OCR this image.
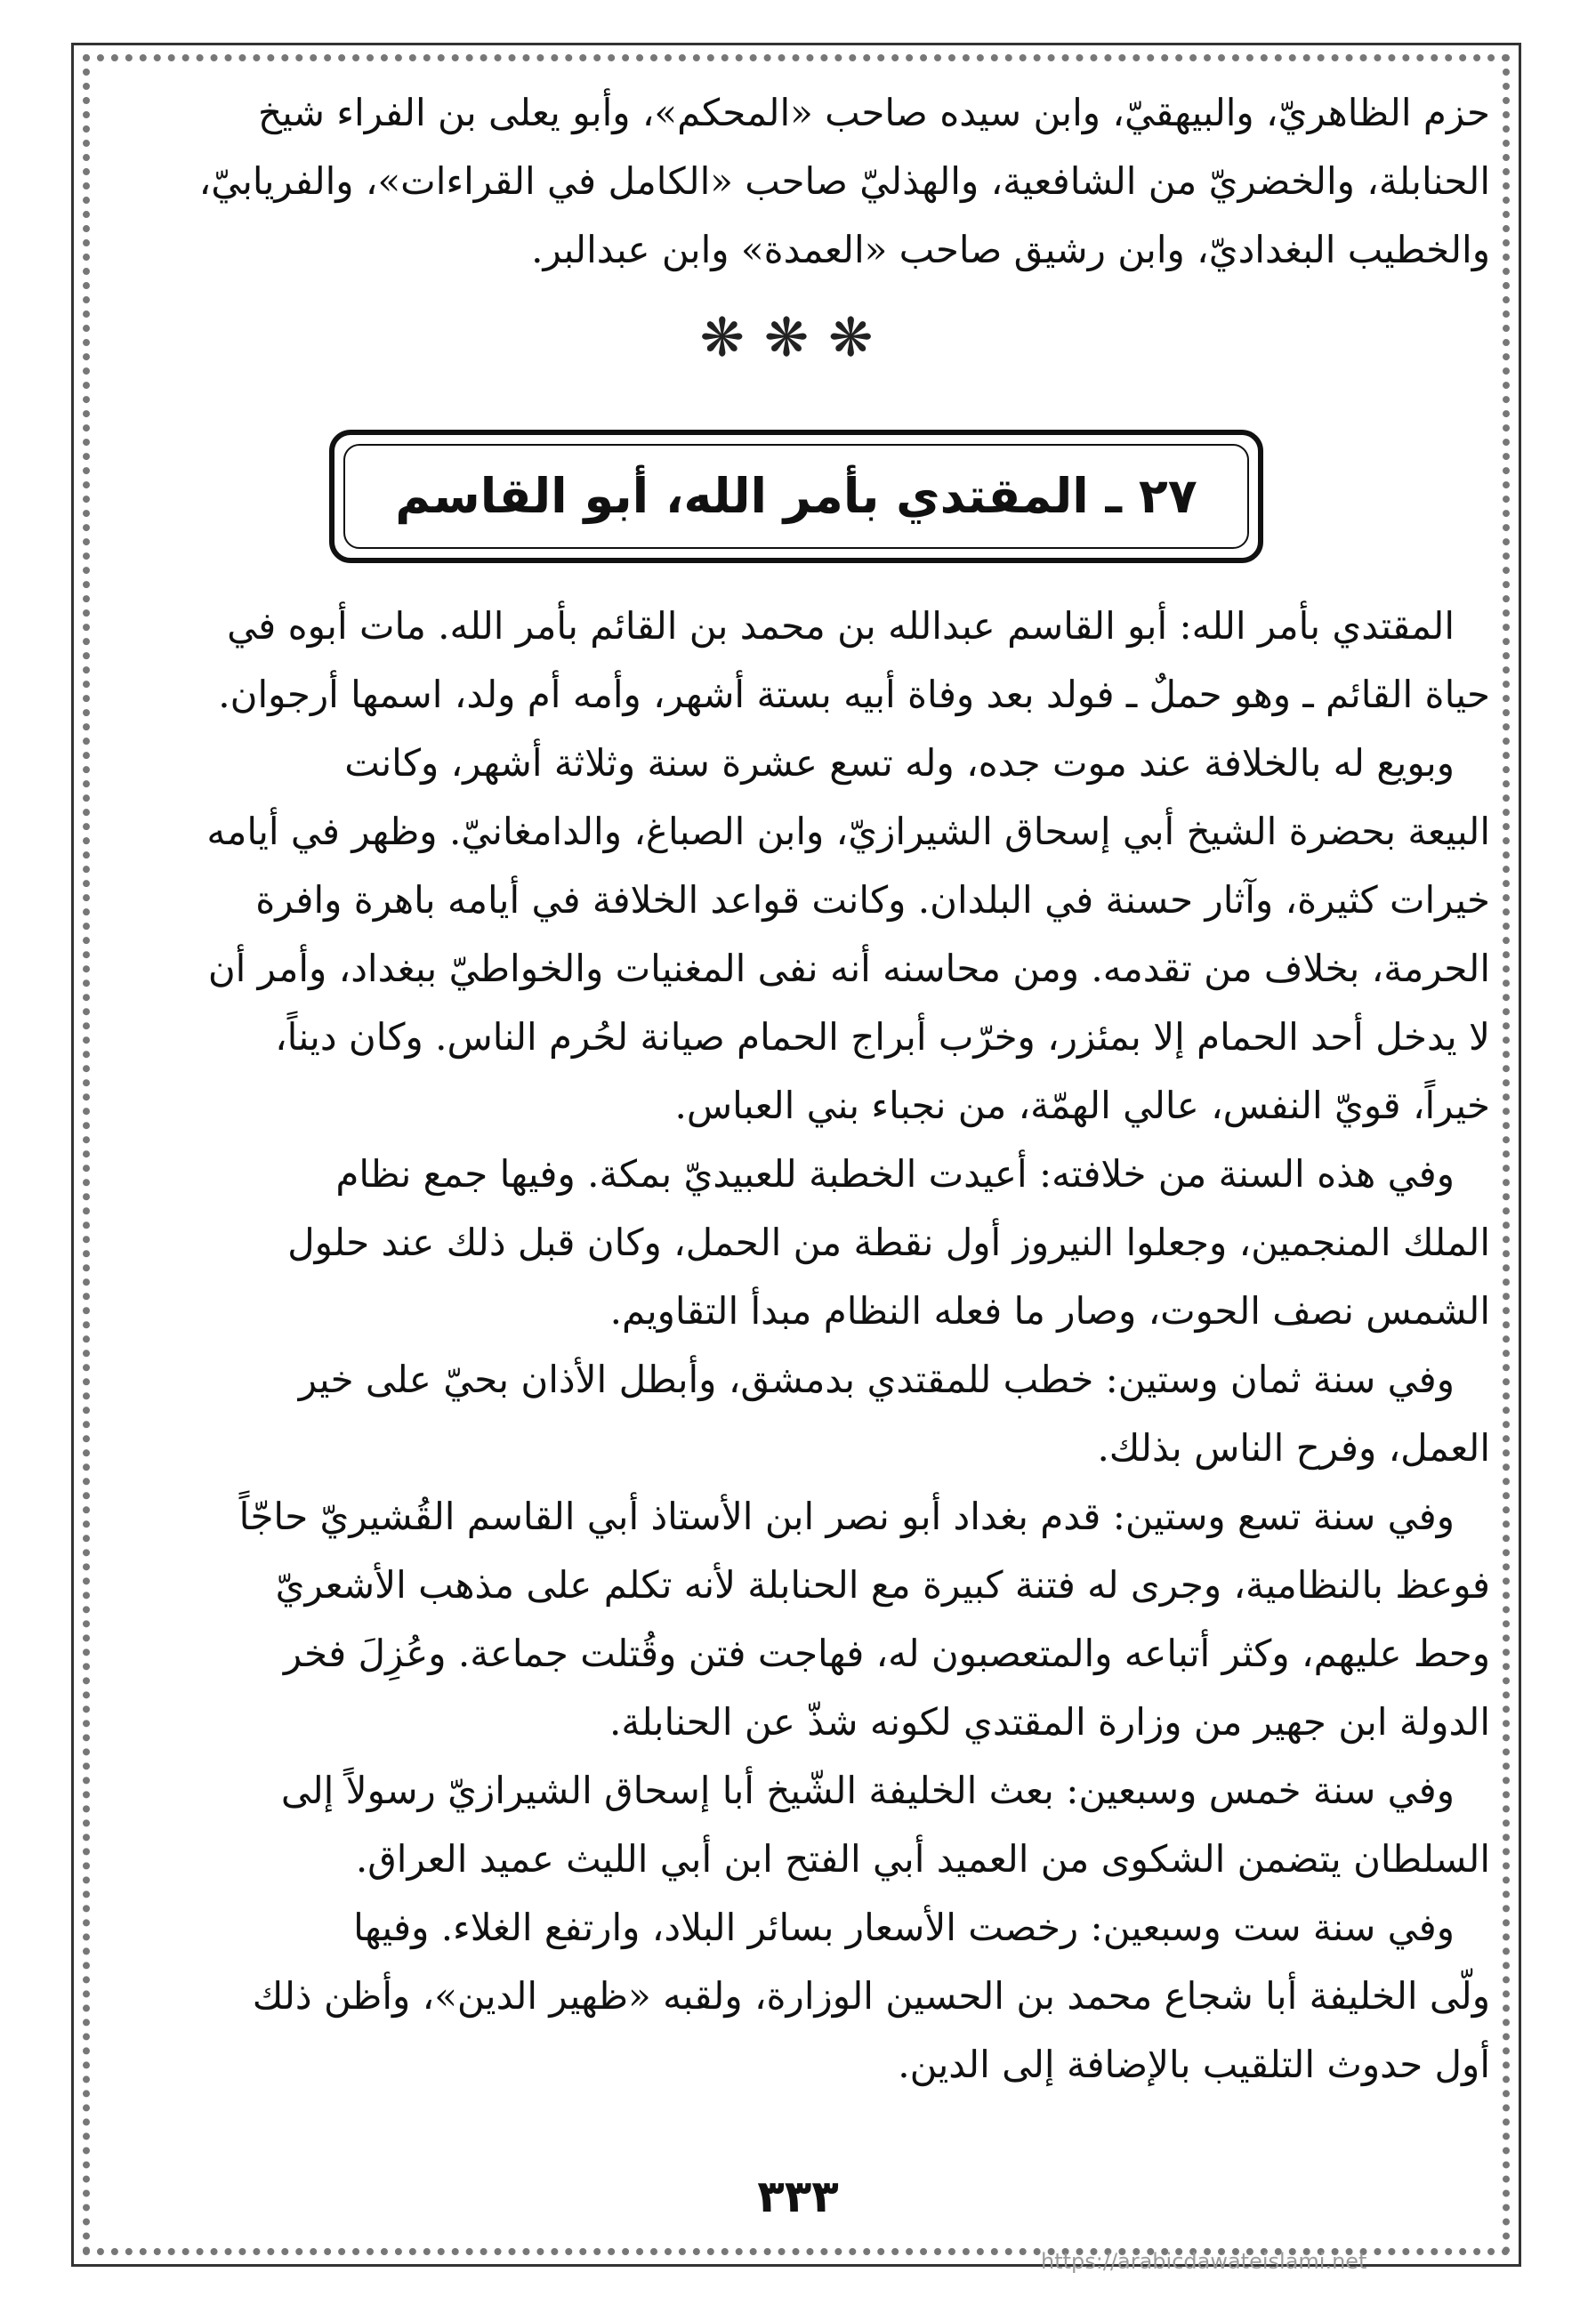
حزم الظاهريّ، والبيهقيّ، وابن سيده صاحب «المحكم»، وأبو يعلى بن الفراء شيخ

الحنابلة، والخضريّ من الشافعية، والهذليّ صاحب «الكامل في القراءات»، والفريابيّ،

والخطيب البغداديّ، وابن رشيق صاحب «العمدة» وابن عبدالبر.

❋❋❋
٢٧ ـ المقتدي بأمر الله، أبو القاسم

المقتدي بأمر الله: أبو القاسم عبدالله بن محمد بن القائم بأمر الله. مات أبوه في

حياة القائم ـ وهو حملٌ ـ فولد بعد وفاة أبيه بستة أشهر، وأمه أم ولد، اسمها أرجوان.

وبويع له بالخلافة عند موت جده، وله تسع عشرة سنة وثلاثة أشهر، وكانت

البيعة بحضرة الشيخ أبي إسحاق الشيرازيّ، وابن الصباغ، والدامغانيّ. وظهر في أيامه

خيرات كثيرة، وآثار حسنة في البلدان. وكانت قواعد الخلافة في أيامه باهرة وافرة

الحرمة، بخلاف من تقدمه. ومن محاسنه أنه نفى المغنيات والخواطيّ ببغداد، وأمر أن

لا يدخل أحد الحمام إلا بمئزر، وخرّب أبراج الحمام صيانة لحُرم الناس. وكان ديناً،

خيراً، قويّ النفس، عالي الهمّة، من نجباء بني العباس.

وفي هذه السنة من خلافته: أعيدت الخطبة للعبيديّ بمكة. وفيها جمع نظام

الملك المنجمين، وجعلوا النيروز أول نقطة من الحمل، وكان قبل ذلك عند حلول

الشمس نصف الحوت، وصار ما فعله النظام مبدأ التقاويم.

وفي سنة ثمان وستين: خطب للمقتدي بدمشق، وأبطل الأذان بحيّ على خير

العمل، وفرح الناس بذلك.

وفي سنة تسع وستين: قدم بغداد أبو نصر ابن الأستاذ أبي القاسم القُشيريّ حاجّاً

فوعظ بالنظامية، وجرى له فتنة كبيرة مع الحنابلة لأنه تكلم على مذهب الأشعريّ

وحط عليهم، وكثر أتباعه والمتعصبون له، فهاجت فتن وقُتلت جماعة. وعُزِلَ فخر

الدولة ابن جهير من وزارة المقتدي لكونه شذّ عن الحنابلة.

وفي سنة خمس وسبعين: بعث الخليفة الشّيخ أبا إسحاق الشيرازيّ رسولاً إلى

السلطان يتضمن الشكوى من العميد أبي الفتح ابن أبي الليث عميد العراق.

وفي سنة ست وسبعين: رخصت الأسعار بسائر البلاد، وارتفع الغلاء. وفيها

ولّى الخليفة أبا شجاع محمد بن الحسين الوزارة، ولقبه «ظهير الدين»، وأظن ذلك

أول حدوث التلقيب بالإضافة إلى الدين.

٣٣٣
https://arabicdawateislami.net
